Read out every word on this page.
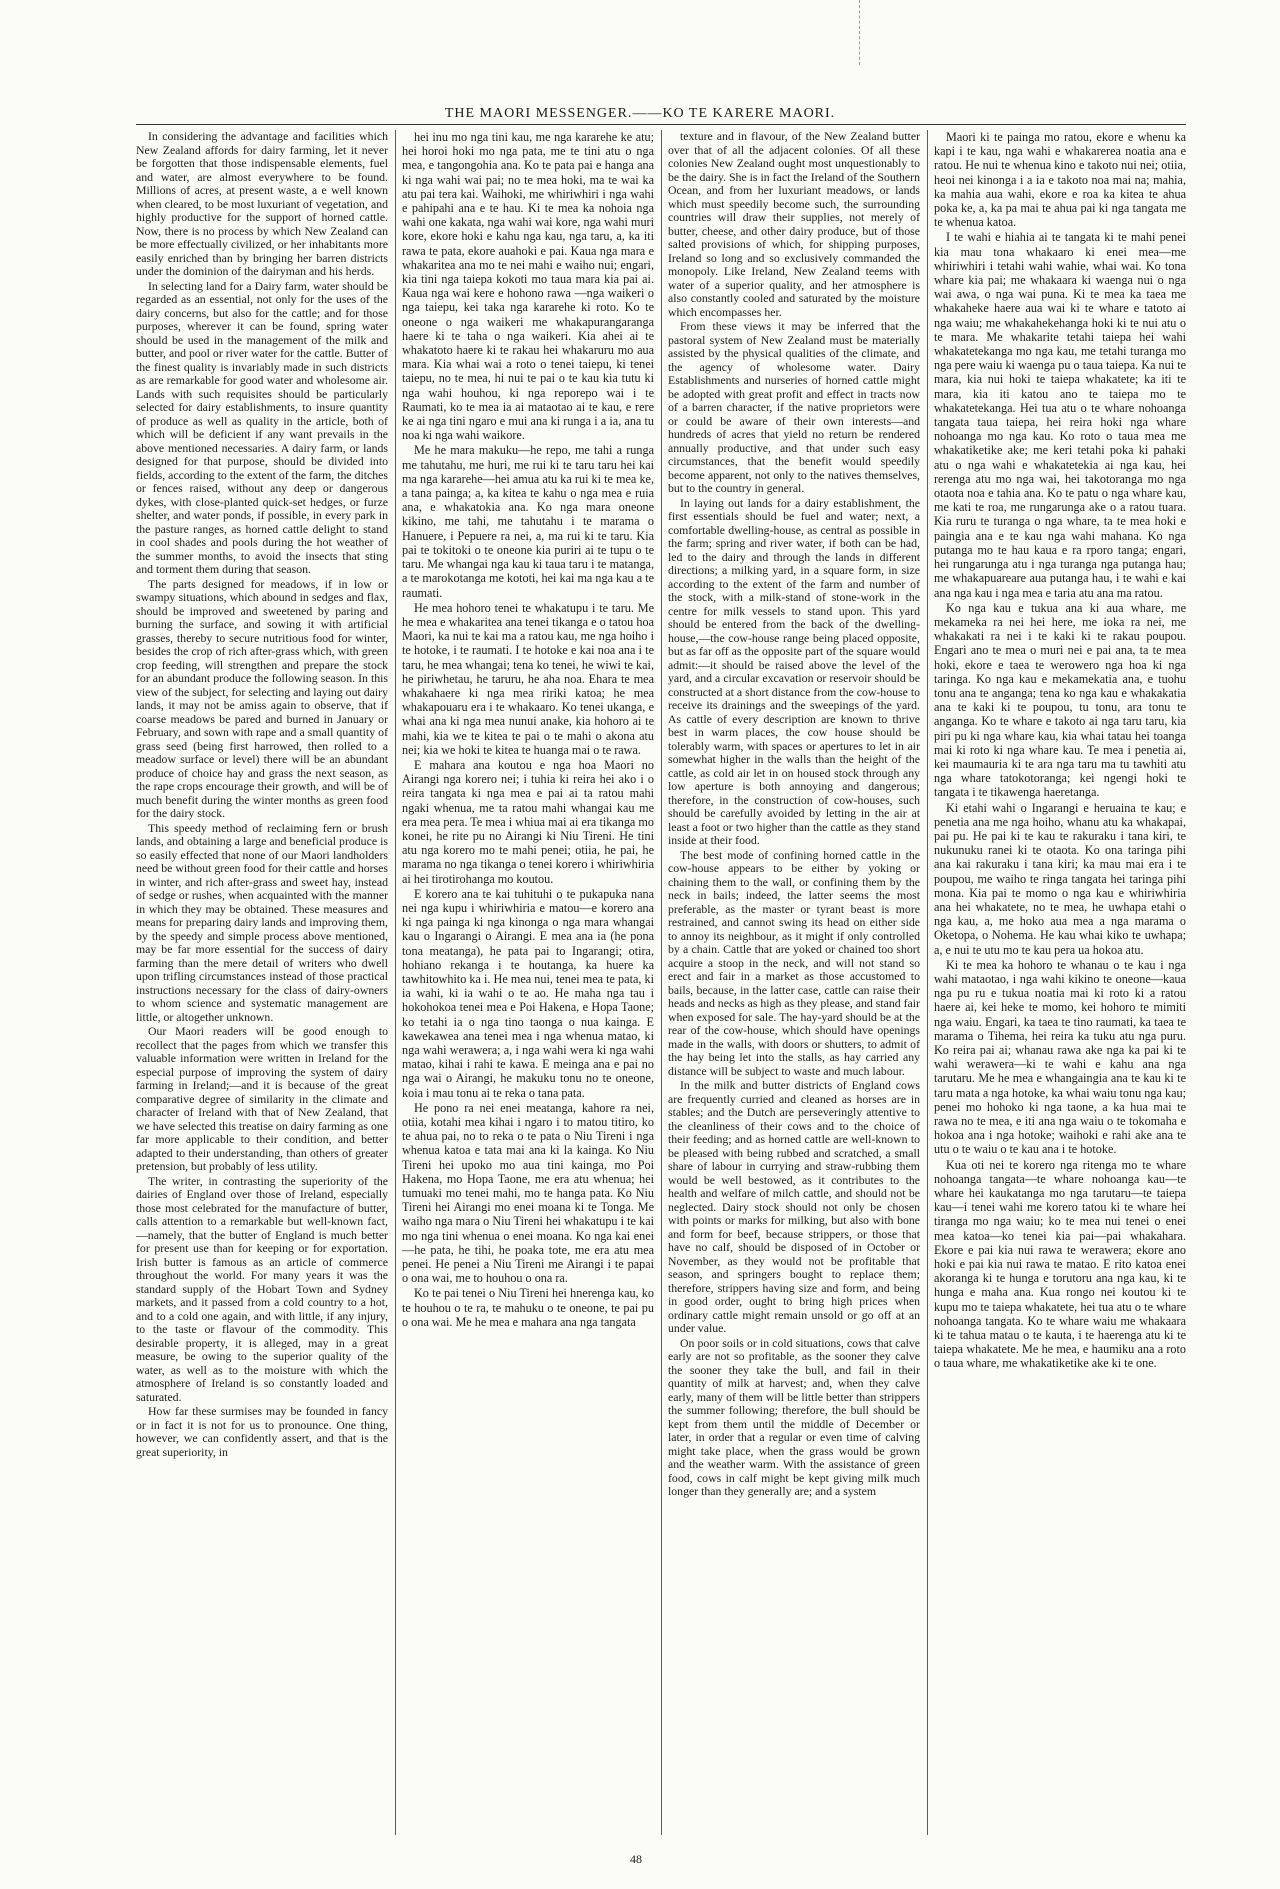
THE MAORI MESSENGER.——KO TE KARERE MAORI.

In considering the advantage and facilities which New Zealand affords for dairy farming, let it never be forgotten that those indispensable elements, fuel and water, are almost everywhere to be found. Millions of acres, at present waste, a e well known when cleared, to be most luxuriant of vegetation, and highly productive for the support of horned cattle. Now, there is no process by which New Zealand can be more effectually civilized, or her inhabitants more easily enriched than by bringing her barren districts under the dominion of the dairyman and his herds.

In selecting land for a Dairy farm, water should be regarded as an essential, not only for the uses of the dairy concerns, but also for the cattle; and for those purposes, wherever it can be found, spring water should be used in the management of the milk and butter, and pool or river water for the cattle. Butter of the finest quality is invariably made in such districts as are remarkable for good water and wholesome air. Lands with such requisites should be particularly selected for dairy establishments, to insure quantity of produce as well as quality in the article, both of which will be deficient if any want prevails in the above mentioned necessaries. A dairy farm, or lands designed for that purpose, should be divided into fields, according to the extent of the farm, the ditches or fences raised, without any deep or dangerous dykes, with close-planted quick-set hedges, or furze shelter, and water ponds, if possible, in every park in the pasture ranges, as horned cattle delight to stand in cool shades and pools during the hot weather of the summer months, to avoid the insects that sting and torment them during that season.

The parts designed for meadows, if in low or swampy situations, which abound in sedges and flax, should be improved and sweetened by paring and burning the surface, and sowing it with artificial grasses, thereby to secure nutritious food for winter, besides the crop of rich after-grass which, with green crop feeding, will strengthen and prepare the stock for an abundant produce the following season. In this view of the subject, for selecting and laying out dairy lands, it may not be amiss again to observe, that if coarse meadows be pared and burned in January or February, and sown with rape and a small quantity of grass seed (being first harrowed, then rolled to a meadow surface or level) there will be an abundant produce of choice hay and grass the next season, as the rape crops encourage their growth, and will be of much benefit during the winter months as green food for the dairy stock.

This speedy method of reclaiming fern or brush lands, and obtaining a large and beneficial produce is so easily effected that none of our Maori landholders need be without green food for their cattle and horses in winter, and rich after-grass and sweet hay, instead of sedge or rushes, when acquainted with the manner in which they may be obtained. These measures and means for preparing dairy lands and improving them, by the speedy and simple process above mentioned, may be far more essential for the success of dairy farming than the mere detail of writers who dwell upon trifling circumstances instead of those practical instructions necessary for the class of dairy-owners to whom science and systematic management are little, or altogether unknown.

Our Maori readers will be good enough to recollect that the pages from which we transfer this valuable information were written in Ireland for the especial purpose of improving the system of dairy farming in Ireland;—and it is because of the great comparative degree of similarity in the climate and character of Ireland with that of New Zealand, that we have selected this treatise on dairy farming as one far more applicable to their condition, and better adapted to their understanding, than others of greater pretension, but probably of less utility.

The writer, in contrasting the superiority of the dairies of England over those of Ireland, especially those most celebrated for the manufacture of butter, calls attention to a remarkable but well-known fact,—namely, that the butter of England is much better for present use than for keeping or for exportation. Irish butter is famous as an article of commerce throughout the world. For many years it was the standard supply of the Hobart Town and Sydney markets, and it passed from a cold country to a hot, and to a cold one again, and with little, if any injury, to the taste or flavour of the commodity. This desirable property, it is alleged, may in a great measure, be owing to the superior quality of the water, as well as to the moisture with which the atmosphere of Ireland is so constantly loaded and saturated.

How far these surmises may be founded in fancy or in fact it is not for us to pronounce. One thing, however, we can confidently assert, and that is the great superiority, in

hei inu mo nga tini kau, me nga kararehe ke atu; hei horoi hoki mo nga pata, me te tini atu o nga mea, e tangongohia ana. Ko te pata pai e hanga ana ki nga wahi wai pai; no te mea hoki, ma te wai ka atu pai tera kai. Waihoki, me whiriwhiri i nga wahi e pahipahi ana e te hau. Ki te mea ka nohoia nga wahi one kakata, nga wahi wai kore, nga wahi muri kore, ekore hoki e kahu nga kau, nga taru, a, ka iti rawa te pata, ekore auahoki e pai. Kaua nga mara e whakaritea ana mo te nei mahi e waiho nui; engari, kia tini nga taiepa kokoti mo taua mara kia pai ai. Kaua nga wai kere e hohono rawa —nga waikeri o nga taiepu, kei taka nga kararehe ki roto. Ko te oneone o nga waikeri me whakapurangaranga haere ki te taha o nga waikeri. Kia ahei ai te whakatoto haere ki te rakau hei whakaruru mo aua mara. Kia whai wai a roto o tenei taiepu, ki tenei taiepu, no te mea, hi nui te pai o te kau kia tutu ki nga wahi houhou, ki nga reporepo wai i te Raumati, ko te mea ia ai mataotao ai te kau, e rere ke ai nga tini ngaro e mui ana ki runga i a ia, ana tu noa ki nga wahi waikore.

Me he mara makuku—he repo, me tahi a runga me tahutahu, me huri, me rui ki te taru taru hei kai ma nga kararehe—hei amua atu ka rui ki te mea ke, a tana painga; a, ka kitea te kahu o nga mea e ruia ana, e whakatokia ana. Ko nga mara oneone kikino, me tahi, me tahutahu i te marama o Hanuere, i Pepuere ra nei, a, ma rui ki te taru. Kia pai te tokitoki o te oneone kia puriri ai te tupu o te taru. Me whangai nga kau ki taua taru i te matanga, a te marokotanga me kototi, hei kai ma nga kau a te raumati.

He mea hohoro tenei te whakatupu i te taru. Me he mea e whakaritea ana tenei tikanga e o tatou hoa Maori, ka nui te kai ma a ratou kau, me nga hoiho i te hotoke, i te raumati. I te hotoke e kai noa ana i te taru, he mea whangai; tena ko tenei, he wiwi te kai, he piriwhetau, he taruru, he aha noa. Ehara te mea whakahaere ki nga mea ririki katoa; he mea whakapouaru era i te whakaaro. Ko tenei ukanga, e whai ana ki nga mea nunui anake, kia hohoro ai te mahi, kia we te kitea te pai o te mahi o akona atu nei; kia we hoki te kitea te huanga mai o te rawa.

E mahara ana koutou e nga hoa Maori no Airangi nga korero nei; i tuhia ki reira hei ako i o reira tangata ki nga mea e pai ai ta ratou mahi ngaki whenua, me ta ratou mahi whangai kau me era mea pera. Te mea i whiua mai ai era tikanga mo konei, he rite pu no Airangi ki Niu Tireni. He tini atu nga korero mo te mahi penei; otiia, he pai, he marama no nga tikanga o tenei korero i whiriwhiria ai hei tirotirohanga mo koutou.

E korero ana te kai tuhituhi o te pukapuka nana nei nga kupu i whiriwhiria e matou—e korero ana ki nga painga ki nga kinonga o nga mara whangai kau o Ingarangi o Airangi. E mea ana ia (he pona tona meatanga), he pata pai to Ingarangi; otira, hohiano rekanga i te houtanga, ka huere ka tawhitowhito ka i. He mea nui, tenei mea te pata, ki ia wahi, ki ia wahi o te ao. He maha nga tau i hokohokoa tenei mea e Poi Hakena, e Hopa Taone; ko tetahi ia o nga tino taonga o nua kainga. E kawekawea ana tenei mea i nga whenua matao, ki nga wahi werawera; a, i nga wahi wera ki nga wahi matao, kihai i rahi te kawa. E meinga ana e pai no nga wai o Airangi, he makuku tonu no te oneone, koia i mau tonu ai te reka o tana pata.

He pono ra nei enei meatanga, kahore ra nei, otiia, kotahi mea kihai i ngaro i to matou titiro, ko te ahua pai, no to reka o te pata o Niu Tireni i nga whenua katoa e tata mai ana ki la kainga. Ko Niu Tireni hei upoko mo aua tini kainga, mo Poi Hakena, mo Hopa Taone, me era atu whenua; hei tumuaki mo tenei mahi, mo te hanga pata. Ko Niu Tireni hei Airangi mo enei moana ki te Tonga. Me waiho nga mara o Niu Tireni hei whakatupu i te kai mo nga tini whenua o enei moana. Ko nga kai enei—he pata, he tihi, he poaka tote, me era atu mea penei. He penei a Niu Tireni me Airangi i te papai o ona wai, me to houhou o ona ra.

Ko te pai tenei o Niu Tireni hei hnerenga kau, ko te houhou o te ra, te mahuku o te oneone, te pai pu o ona wai. Me he mea e mahara ana nga tangata

texture and in flavour, of the New Zealand butter over that of all the adjacent colonies. Of all these colonies New Zealand ought most unquestionably to be the dairy. She is in fact the Ireland of the Southern Ocean, and from her luxuriant meadows, or lands which must speedily become such, the surrounding countries will draw their supplies, not merely of butter, cheese, and other dairy produce, but of those salted provisions of which, for shipping purposes, Ireland so long and so exclusively commanded the monopoly. Like Ireland, New Zealand teems with water of a superior quality, and her atmosphere is also constantly cooled and saturated by the moisture which encompasses her.

From these views it may be inferred that the pastoral system of New Zealand must be materially assisted by the physical qualities of the climate, and the agency of wholesome water. Dairy Establishments and nurseries of horned cattle might be adopted with great profit and effect in tracts now of a barren character, if the native proprietors were or could be aware of their own interests—and hundreds of acres that yield no return be rendered annually productive, and that under such easy circumstances, that the benefit would speedily become apparent, not only to the natives themselves, but to the country in general.

In laying out lands for a dairy establishment, the first essentials should be fuel and water; next, a comfortable dwelling-house, as central as possible in the farm; spring and river water, if both can be had, led to the dairy and through the lands in different directions; a milking yard, in a square form, in size according to the extent of the farm and number of the stock, with a milk-stand of stone-work in the centre for milk vessels to stand upon. This yard should be entered from the back of the dwelling-house,—the cow-house range being placed opposite, but as far off as the opposite part of the square would admit:—it should be raised above the level of the yard, and a circular excavation or reservoir should be constructed at a short distance from the cow-house to receive its drainings and the sweepings of the yard. As cattle of every description are known to thrive best in warm places, the cow house should be tolerably warm, with spaces or apertures to let in air somewhat higher in the walls than the height of the cattle, as cold air let in on housed stock through any low aperture is both annoying and dangerous; therefore, in the construction of cow-houses, such should be carefully avoided by letting in the air at least a foot or two higher than the cattle as they stand inside at their food.

The best mode of confining horned cattle in the cow-house appears to be either by yoking or chaining them to the wall, or confining them by the neck in bails; indeed, the latter seems the most preferable, as the master or tyrant beast is more restrained, and cannot swing its head on either side to annoy its neighbour, as it might if only controlled by a chain. Cattle that are yoked or chained too short acquire a stoop in the neck, and will not stand so erect and fair in a market as those accustomed to bails, because, in the latter case, cattle can raise their heads and necks as high as they please, and stand fair when exposed for sale. The hay-yard should be at the rear of the cow-house, which should have openings made in the walls, with doors or shutters, to admit of the hay being let into the stalls, as hay carried any distance will be subject to waste and much labour.

In the milk and butter districts of England cows are frequently curried and cleaned as horses are in stables; and the Dutch are perseveringly attentive to the cleanliness of their cows and to the choice of their feeding; and as horned cattle are well-known to be pleased with being rubbed and scratched, a small share of labour in currying and straw-rubbing them would be well bestowed, as it contributes to the health and welfare of milch cattle, and should not be neglected. Dairy stock should not only be chosen with points or marks for milking, but also with bone and form for beef, because strippers, or those that have no calf, should be disposed of in October or November, as they would not be profitable that season, and springers bought to replace them; therefore, strippers having size and form, and being in good order, ought to bring high prices when ordinary cattle might remain unsold or go off at an under value.

On poor soils or in cold situations, cows that calve early are not so profitable, as the sooner they calve the sooner they take the bull, and fail in their quantity of milk at harvest; and, when they calve early, many of them will be little better than strippers the summer following; therefore, the bull should be kept from them until the middle of December or later, in order that a regular or even time of calving might take place, when the grass would be grown and the weather warm. With the assistance of green food, cows in calf might be kept giving milk much longer than they generally are; and a system

Maori ki te painga mo ratou, ekore e whenu ka kapi i te kau, nga wahi e whakarerea noatia ana e ratou. He nui te whenua kino e takoto nui nei; otiia, heoi nei kinonga i a ia e takoto noa mai na; mahia, ka mahia aua wahi, ekore e roa ka kitea te ahua poka ke, a, ka pa mai te ahua pai ki nga tangata me te whenua katoa.

I te wahi e hiahia ai te tangata ki te mahi penei kia mau tona whakaaro ki enei mea—me whiriwhiri i tetahi wahi wahie, whai wai. Ko tona whare kia pai; me whakaara ki waenga nui o nga wai awa, o nga wai puna. Ki te mea ka taea me whakaheke haere aua wai ki te whare e tatoto ai nga waiu; me whakahekehanga hoki ki te nui atu o te mara. Me whakarite tetahi taiepa hei wahi whakatetekanga mo nga kau, me tetahi turanga mo nga pere waiu ki waenga pu o taua taiepa. Ka nui te mara, kia nui hoki te taiepa whakatete; ka iti te mara, kia iti katou ano te taiepa mo te whakatetekanga. Hei tua atu o te whare nohoanga tangata taua taiepa, hei reira hoki nga whare nohoanga mo nga kau. Ko roto o taua mea me whakatiketike ake; me keri tetahi poka ki pahaki atu o nga wahi e whakatetekia ai nga kau, hei rerenga atu mo nga wai, hei takotoranga mo nga otaota noa e tahia ana. Ko te patu o nga whare kau, me kati te roa, me rungarunga ake o a ratou tuara. Kia ruru te turanga o nga whare, ta te mea hoki e paingia ana e te kau nga wahi mahana. Ko nga putanga mo te hau kaua e ra rporo tanga; engari, hei rungarunga atu i nga turanga nga putanga hau; me whakapuareare aua putanga hau, i te wahi e kai ana nga kau i nga mea e taria atu ana ma ratou.

Ko nga kau e tukua ana ki aua whare, me mekameka ra nei hei here, me ioka ra nei, me whakakati ra nei i te kaki ki te rakau poupou. Engari ano te mea o muri nei e pai ana, ta te mea hoki, ekore e taea te werowero nga hoa ki nga taringa. Ko nga kau e mekamekatia ana, e tuohu tonu ana te anganga; tena ko nga kau e whakakatia ana te kaki ki te poupou, tu tonu, ara tonu te anganga. Ko te whare e takoto ai nga taru taru, kia piri pu ki nga whare kau, kia whai tatau hei toanga mai ki roto ki nga whare kau. Te mea i penetia ai, kei maumauria ki te ara nga taru ma tu tawhiti atu nga whare tatokotoranga; kei ngengi hoki te tangata i te tikawenga haeretanga.

Ki etahi wahi o Ingarangi e heruaina te kau; e penetia ana me nga hoiho, whanu atu ka whakapai, pai pu. He pai ki te kau te rakuraku i tana kiri, te nukunuku ranei ki te otaota. Ko ona taringa pihi ana kai rakuraku i tana kiri; ka mau mai era i te poupou, me waiho te ringa tangata hei taringa pihi mona. Kia pai te momo o nga kau e whiriwhiria ana hei whakatete, no te mea, he uwhapa etahi o nga kau, a, me hoko aua mea a nga marama o Oketopa, o Nohema. He kau whai kiko te uwhapa; a, e nui te utu mo te kau pera ua hokoa atu.

Ki te mea ka hohoro te whanau o te kau i nga wahi mataotao, i nga wahi kikino te oneone—kaua nga pu ru e tukua noatia mai ki roto ki a ratou haere ai, kei heke te momo, kei hohoro te mimiti nga waiu. Engari, ka taea te tino raumati, ka taea te marama o Tihema, hei reira ka tuku atu nga puru. Ko reira pai ai; whanau rawa ake nga ka pai ki te wahi werawera—ki te wahi e kahu ana nga tarutaru. Me he mea e whangaingia ana te kau ki te taru mata a nga hotoke, ka whai waiu tonu nga kau; penei mo hohoko ki nga taone, a ka hua mai te rawa no te mea, e iti ana nga waiu o te tokomaha e hokoa ana i nga hotoke; waihoki e rahi ake ana te utu o te waiu o te kau ana i te hotoke.

Kua oti nei te korero nga ritenga mo te whare nohoanga tangata—te whare nohoanga kau—te whare hei kaukatanga mo nga tarutaru—te taiepa kau—i tenei wahi me korero tatou ki te whare hei tiranga mo nga waiu; ko te mea nui tenei o enei mea katoa—ko tenei kia pai—pai whakahara. Ekore e pai kia nui rawa te werawera; ekore ano hoki e pai kia nui rawa te matao. E rito katoa enei akoranga ki te hunga e torutoru ana nga kau, ki te hunga e maha ana. Kua rongo nei koutou ki te kupu mo te taiepa whakatete, hei tua atu o te whare nohoanga tangata. Ko te whare waiu me whakaara ki te tahua matau o te kauta, i te haerenga atu ki te taiepa whakatete. Me he mea, e haumiku ana a roto o taua whare, me whakatiketike ake ki te one.

48
